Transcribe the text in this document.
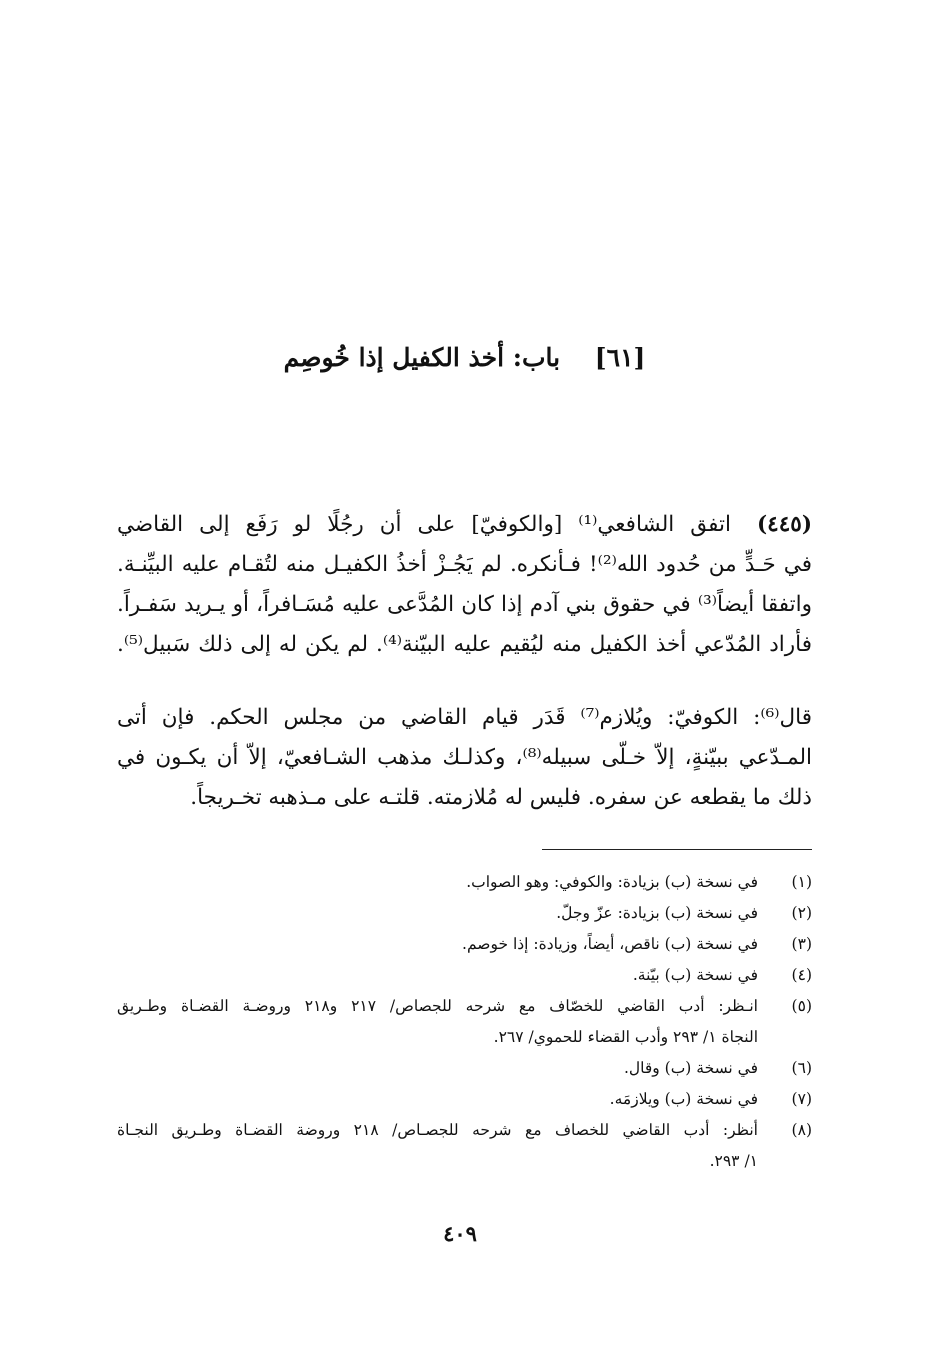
[٦١] باب: أخذ الكفيل إذا خُوصِم
(٤٤٥)اتفق الشافعي⁽¹⁾ [والكوفيّ] على أن رجُلًا لو رَفَع إلى القاضي
في حَـدٍّ من حُدود الله⁽²⁾! فـأنكره. لم يَجُـزْ أخذُ الكفيـل منه لتُقـام عليه البيِّنـة.
واتفقا أيضاً⁽³⁾ في حقوق بني آدم إذا كان المُدَّعى عليه مُسَـافراً، أو يـريد سَفـراً.
فأراد المُدّعي أخذ الكفيل منه ليُقيم عليه البيّنة⁽⁴⁾. لم يكن له إلى ذلك سَبيل⁽⁵⁾.
قال⁽⁶⁾: الكوفيّ: ويُلازم⁽⁷⁾ قَدَر قيام القاضي من مجلس الحكم. فإن أتى
المـدّعي ببيّنةٍ، إلاّ خـلّى سبيله⁽⁸⁾، وكذلـك مذهب الشـافعيّ، إلاّ أن يكـون في
ذلك ما يقطعه عن سفره. فليس له مُلازمته. قلتـه على مـذهبه تخـريجاً.
(١)
في نسخة (ب) بزيادة: والكوفي: وهو الصواب.
(٢)
في نسخة (ب) بزيادة: عزّ وجلّ.
(٣)
في نسخة (ب) ناقص، أيضاً، وزيادة: إذا خوصم.
(٤)
في نسخة (ب) بيّنة.
(٥)
انـظر: أدب القاضي للخصّاف مع شرحه للجصاص/ ٢١٧ و٢١٨ وروضـة القضـاة وطـريق
النجاة ١/ ٢٩٣ وأدب القضاء للحموي/ ٢٦٧.
(٦)
في نسخة (ب) وقال.
(٧)
في نسخة (ب) ويلازمَه.
(٨)
أنظر: أدب القاضي للخصاف مع شرحه للجصـاص/ ٢١٨ وروضة القضـاة وطـريق النجـاة
١/ ٢٩٣.
٤٠٩
